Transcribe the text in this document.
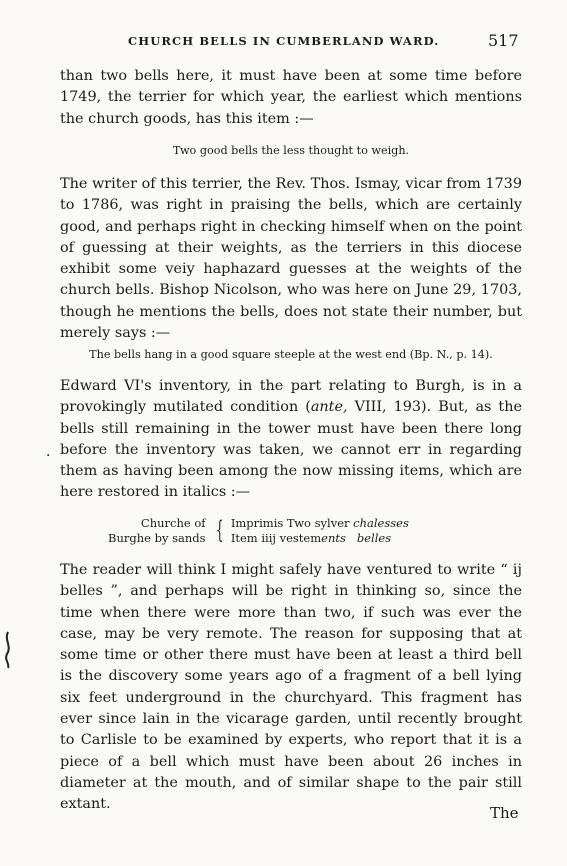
CHURCH BELLS IN CUMBERLAND WARD.	517
than two bells here, it must have been at some time before 1749, the terrier for which year, the earliest which mentions the church goods, has this item :—
Two good bells the less thought to weigh.
The writer of this terrier, the Rev. Thos. Ismay, vicar from 1739 to 1786, was right in praising the bells, which are certainly good, and perhaps right in checking himself when on the point of guessing at their weights, as the terriers in this diocese exhibit some veiy haphazard guesses at the weights of the church bells. Bishop Nicolson, who was here on June 29, 1703, though he mentions the bells, does not state their number, but merely says :—
The bells hang in a good square steeple at the west end (Bp. N., p. 14).
Edward VI's inventory, in the part relating to Burgh, is in a provokingly mutilated condition (ante, VIII, 193). But, as the bells still remaining in the tower must have been there long before the inventory was taken, we cannot err in regarding them as having been among the now missing items, which are here restored in italics :—
·
Churche of
Burghe by sands { Imprimis Two sylver chalesses
Item iiij vestements belles
The reader will think I might safely have ventured to write “ ij belles ”, and perhaps will be right in thinking so, since the time when there were more than two, if such was ever the case, may be very remote. The reason for supposing that at some time or other there must have been at least a third bell is the discovery some years ago of a fragment of a bell lying six feet underground in the churchyard. This fragment has ever since lain in the vicarage garden, until recently brought to Carlisle to be examined by experts, who report that it is a piece of a bell which must have been about 26 inches in diameter at the mouth, and of similar shape to the pair still extant.	The
